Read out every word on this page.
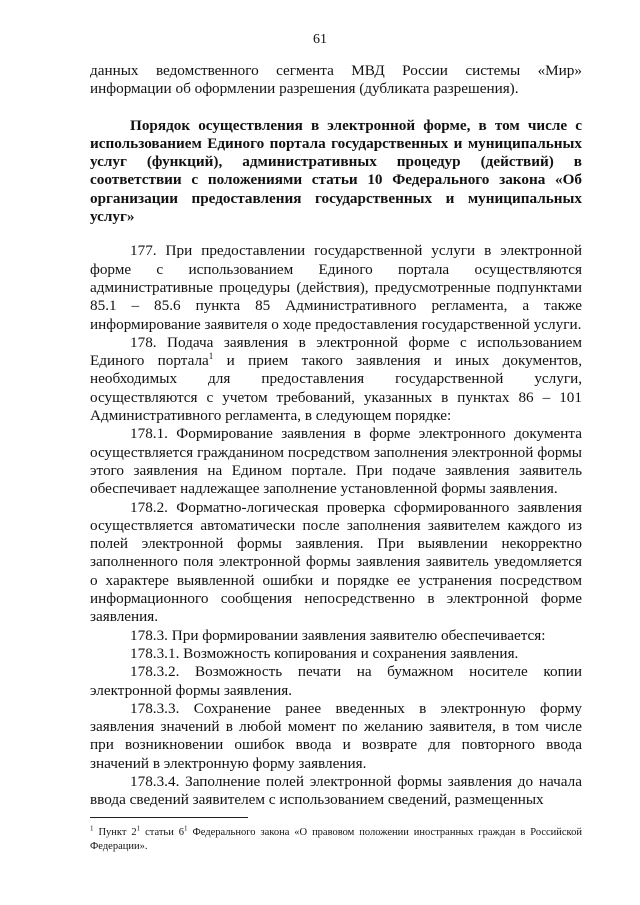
61

данных ведомственного сегмента МВД России системы «Мир» информации об оформлении разрешения (дубликата разрешения).

Порядок осуществления в электронной форме, в том числе с использованием Единого портала государственных и муниципальных услуг (функций), административных процедур (действий) в соответствии с положениями статьи 10 Федерального закона «Об организации предоставления государственных и муниципальных услуг»

177. При предоставлении государственной услуги в электронной форме с использованием Единого портала осуществляются административные процедуры (действия), предусмотренные подпунктами 85.1 – 85.6 пункта 85 Административного регламента, а также информирование заявителя о ходе предоставления государственной услуги.

178. Подача заявления в электронной форме с использованием Единого портала$^1$ и прием такого заявления и иных документов, необходимых для предоставления государственной услуги, осуществляются с учетом требований, указанных в пунктах 86 – 101 Административного регламента, в следующем порядке:

178.1. Формирование заявления в форме электронного документа осуществляется гражданином посредством заполнения электронной формы этого заявления на Едином портале. При подаче заявления заявитель обеспечивает надлежащее заполнение установленной формы заявления.

178.2. Форматно-логическая проверка сформированного заявления осуществляется автоматически после заполнения заявителем каждого из полей электронной формы заявления. При выявлении некорректно заполненного поля электронной формы заявления заявитель уведомляется о характере выявленной ошибки и порядке ее устранения посредством информационного сообщения непосредственно в электронной форме заявления.

178.3. При формировании заявления заявителю обеспечивается:

178.3.1. Возможность копирования и сохранения заявления.

178.3.2. Возможность печати на бумажном носителе копии электронной формы заявления.

178.3.3. Сохранение ранее введенных в электронную форму заявления значений в любой момент по желанию заявителя, в том числе при возникновении ошибок ввода и возврате для повторного ввода значений в электронную форму заявления.

178.3.4. Заполнение полей электронной формы заявления до начала ввода сведений заявителем с использованием сведений, размещенных

$^1$ Пункт $2^1$ статьи $6^1$ Федерального закона «О правовом положении иностранных граждан в Российской Федерации».
